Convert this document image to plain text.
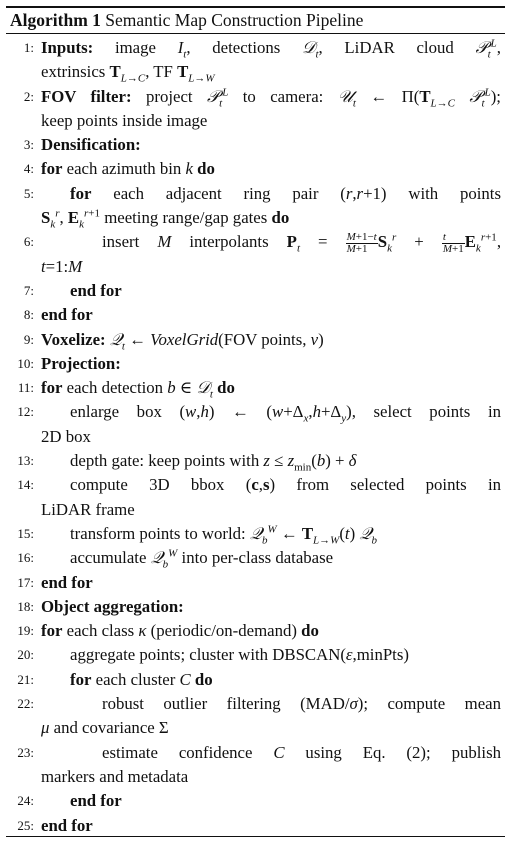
Algorithm 1 Semantic Map Construction Pipeline
1: Inputs: image $I_t$, detections 𝒟$_t$, LiDAR cloud 𝒫$_t^L$,
extrinsics $T_{L\to C}$, TF $T_{L\to W}$
2: FOV filter: project 𝒫$_t^L$ to camera: 𝒰$_t$ ← $\Pi(T_{L\to C}$ 𝒫$_t^L$);
keep points inside image
3: Densification:
4: for each azimuth bin k do
5: for each adjacent ring pair (r,r+1) with points
$S_k^r$, $E_k^{r+1}$ meeting range/gap gates do
6:	insert M interpolants $P_t = \frac{M+1-t}{M+1} S_k^r + \frac{t}{M+1} E_k^{r+1}$,
t=1:M
7: end for
8: end for
9: Voxelize: 𝒬$_t$ ← VoxelGrid(FOV points, v)
10: Projection:
11: for each detection b ∈ 𝒟$_t$ do
12: enlarge box (w,h) ← $(w+\Delta_x,h+\Delta_y)$, select points in
2D box
13: depth gate: keep points with $z \le z_{min}(b) + \delta$
14: compute 3D bbox (c,s) from selected points in
LiDAR frame
15: transform points to world: 𝒬$_b^W$ ← $T_{L\to W}(t)$ 𝒬$_b$
16: accumulate 𝒬$_b^W$ into per-class database
17: end for
18: Object aggregation:
19: for each class κ (periodic/on-demand) do
20: aggregate points; cluster with DBSCAN(ε,minPts)
21: for each cluster C do
22:	robust outlier filtering (MAD/σ); compute mean
μ and covariance Σ
23:	estimate confidence C using Eq. (2); publish
markers and metadata
24: end for
25: end for
